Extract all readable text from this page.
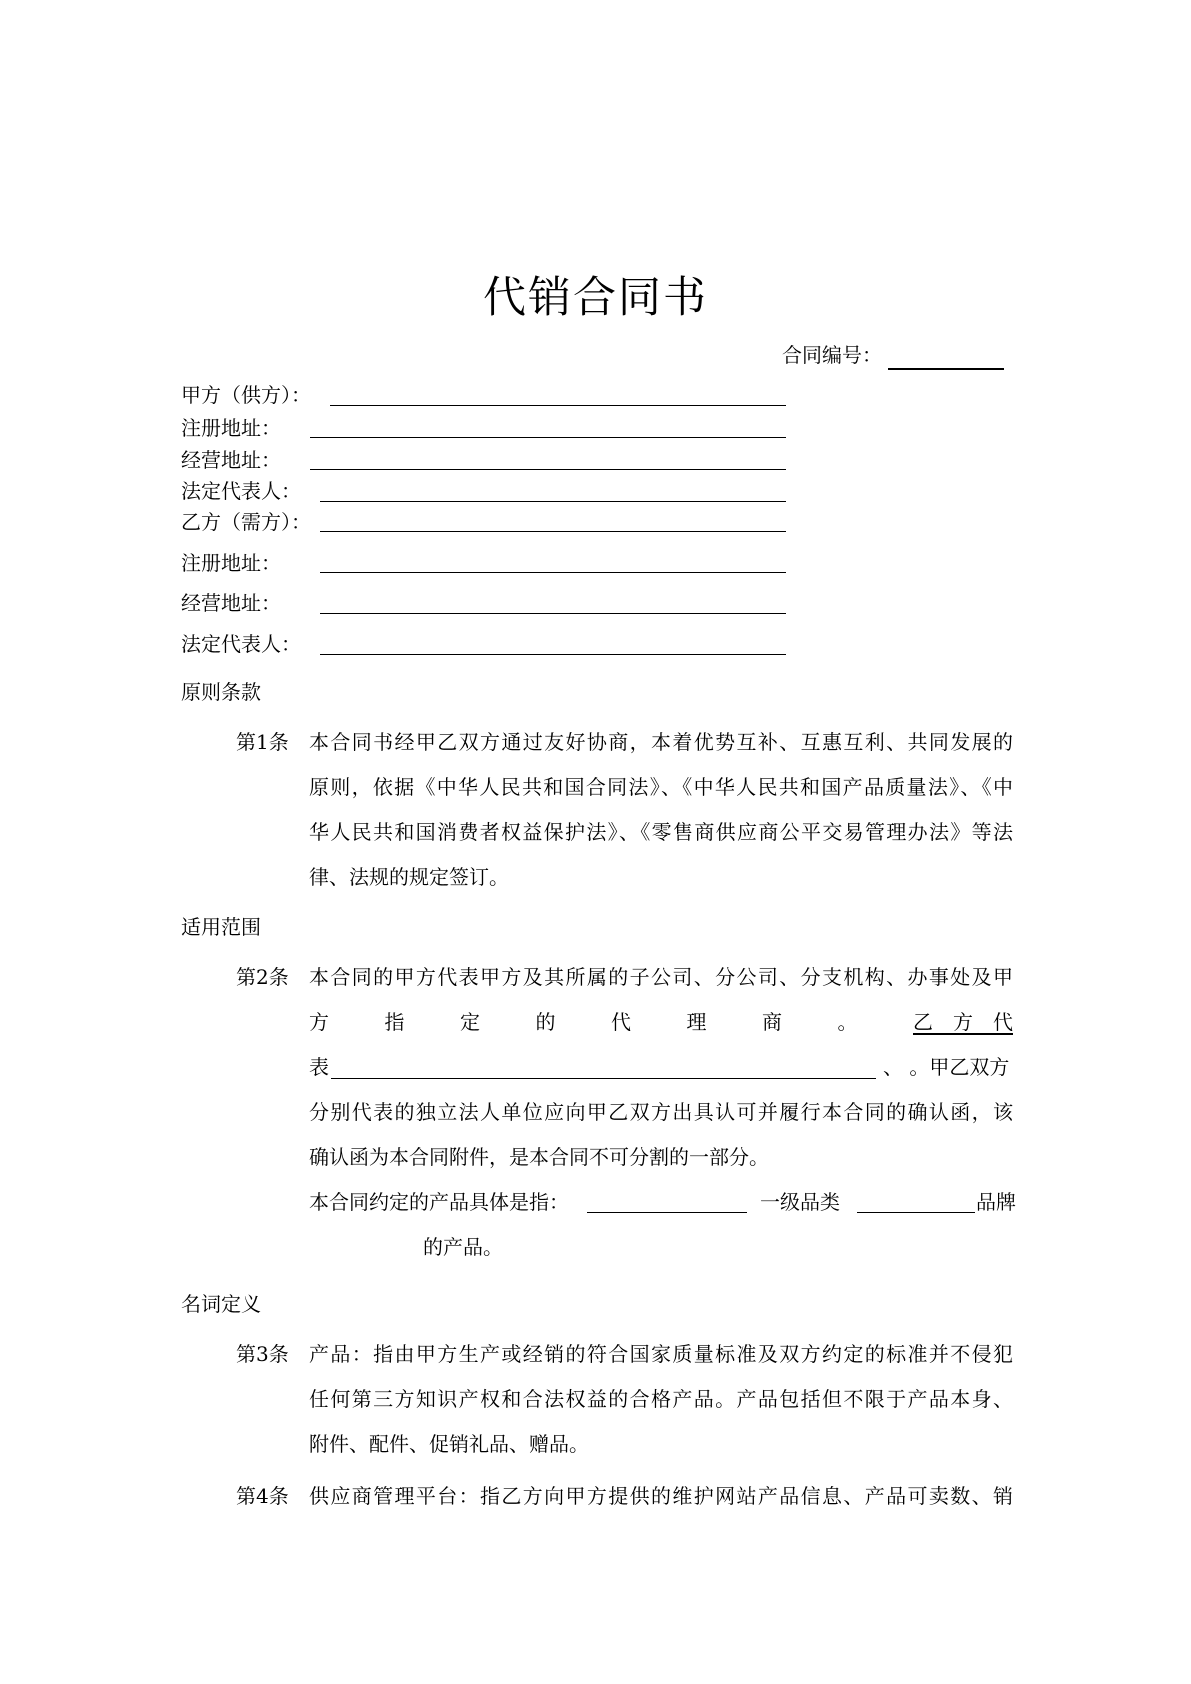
代销合同书
合同编号：
甲方（供方）：
注册地址：
经营地址：
法定代表人：
乙方（需方）：
注册地址：
经营地址：
法定代表人：
原则条款
第1条 本合同书经甲乙双方通过友好协商，本着优势互补、互惠互利、共同发展的
原则，依据《中华人民共和国合同法》、《中华人民共和国产品质量法》、《中
华人民共和国消费者权益保护法》、《零售商供应商公平交易管理办法》等法
律、法规的规定签订。
适用范围
第2条 本合同的甲方代表甲方及其所属的子公司、分公司、分支机构、办事处及甲
方	指	定	的	代	理	商	。	乙　方　代
表	、 。甲乙双方
分别代表的独立法人单位应向甲乙双方出具认可并履行本合同的确认函，该
确认函为本合同附件，是本合同不可分割的一部分。
本合同约定的产品具体是指：	一级品类	品牌
的产品。
名词定义
第3条 产品：指由甲方生产或经销的符合国家质量标准及双方约定的标准并不侵犯
任何第三方知识产权和合法权益的合格产品。产品包括但不限于产品本身、
附件、配件、促销礼品、赠品。
第4条 供应商管理平台：指乙方向甲方提供的维护网站产品信息、产品可卖数、销
